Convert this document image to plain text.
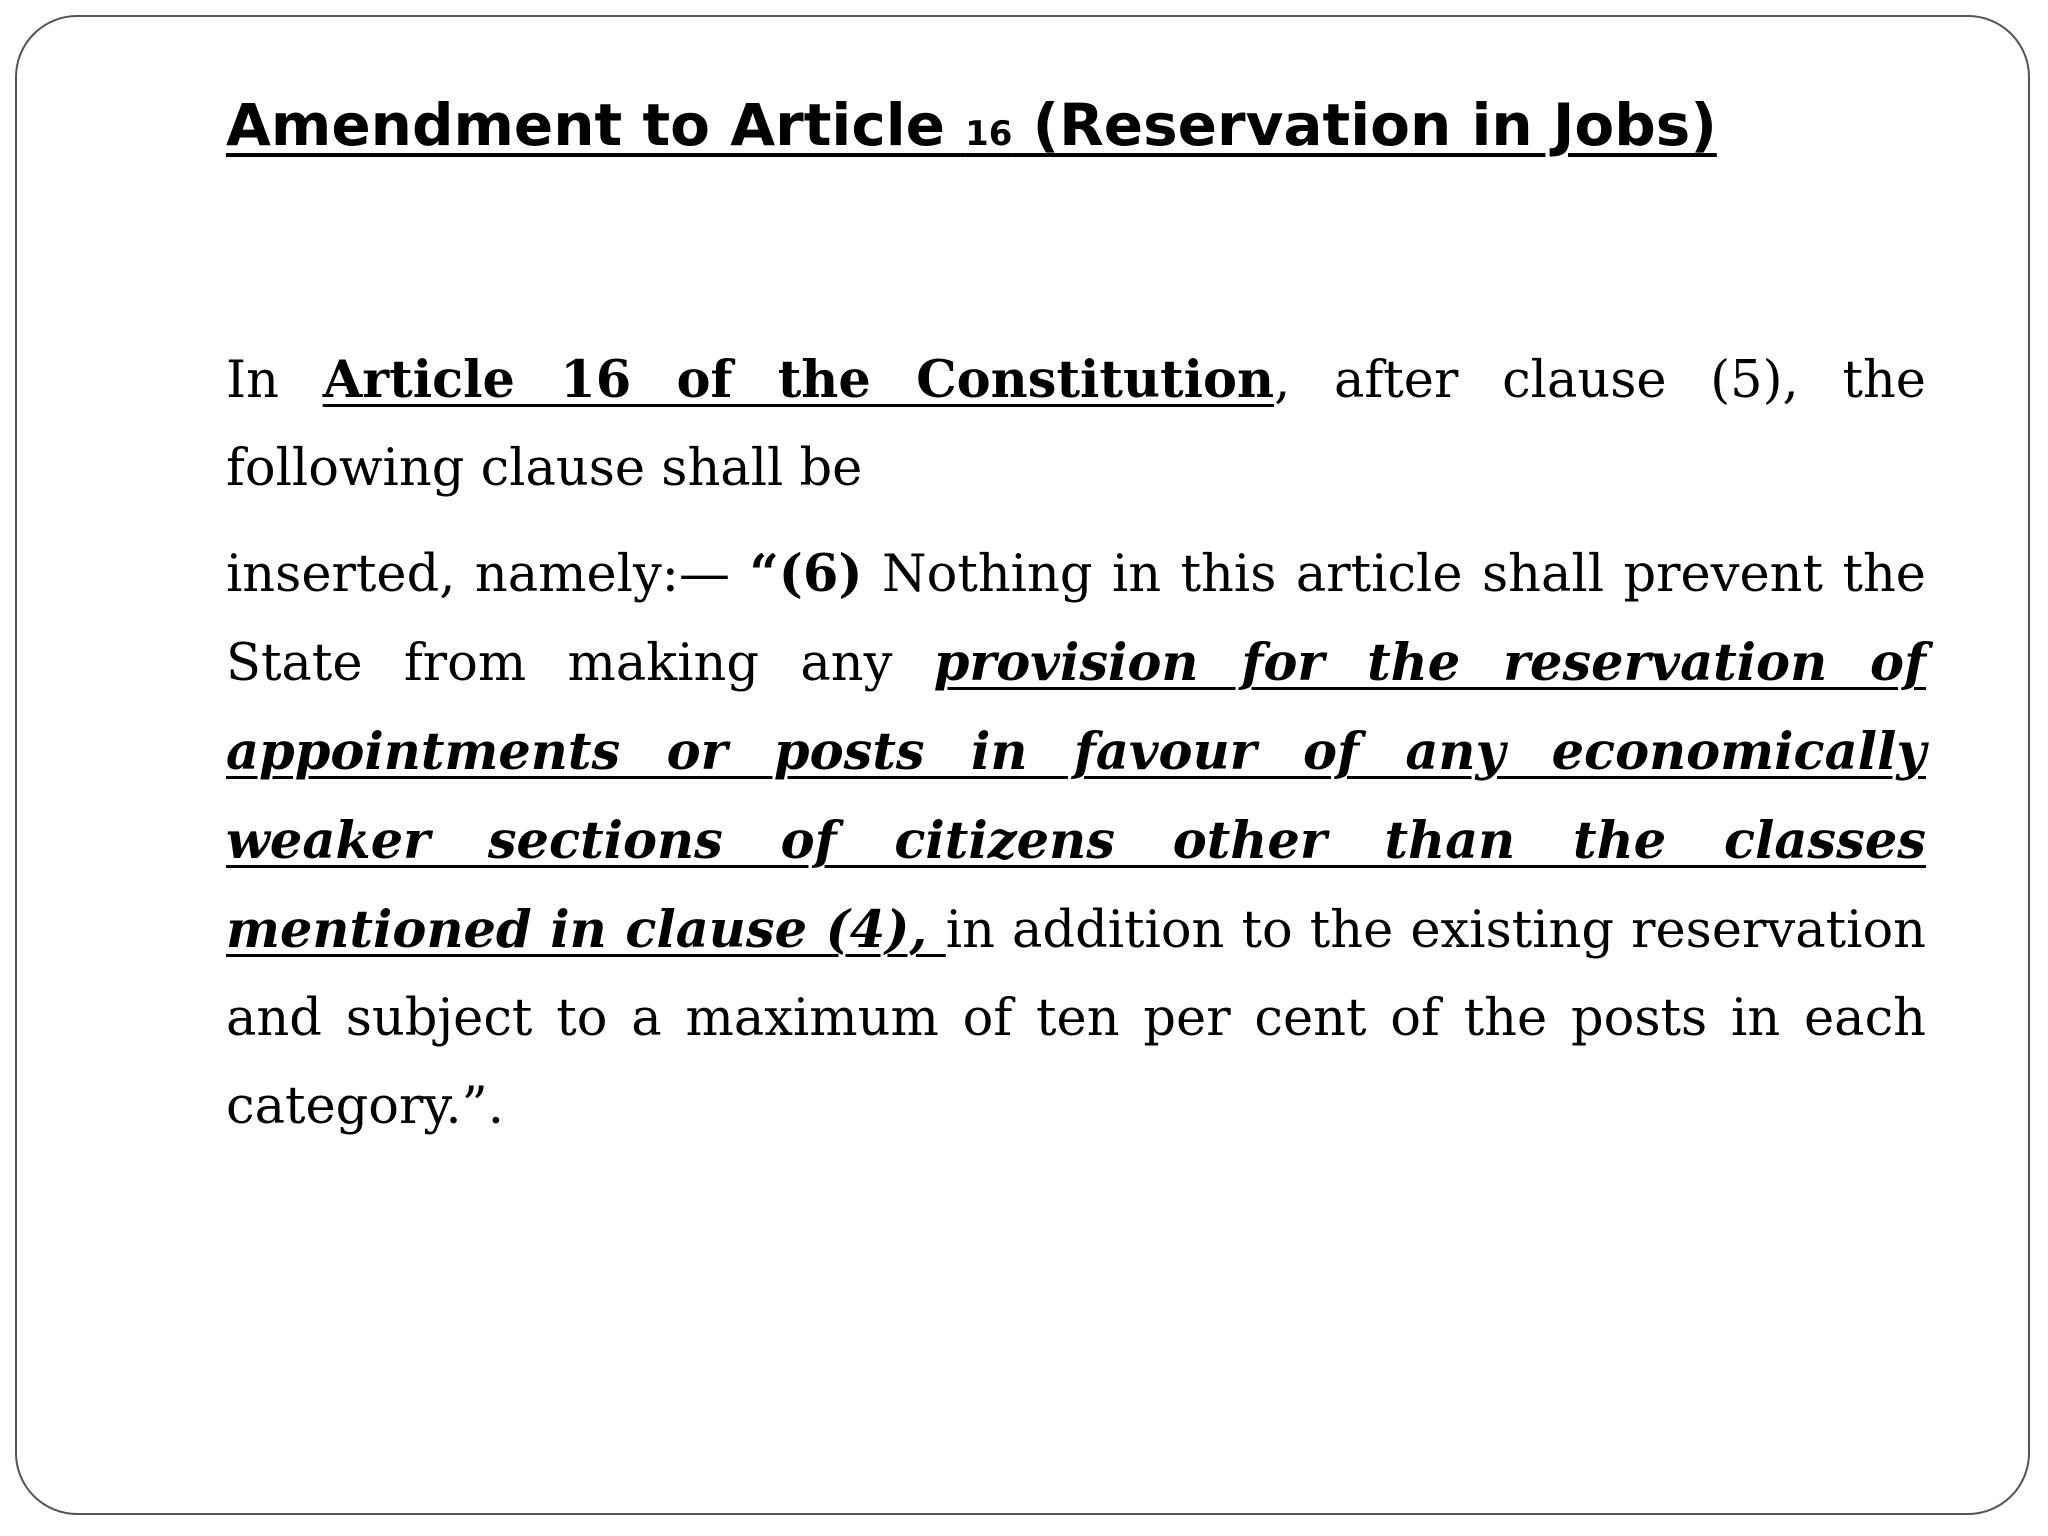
Amendment to Article 16 (Reservation in Jobs)

In Article 16 of the Constitution, after clause (5), the following clause shall be

inserted, namely:— “(6) Nothing in this article shall prevent the State from making any provision for the reservation of appointments or posts in favour of any economically weaker sections of citizens other than the classes mentioned in clause (4), in addition to the existing reservation and subject to a maximum of ten per cent of the posts in each category.”.
